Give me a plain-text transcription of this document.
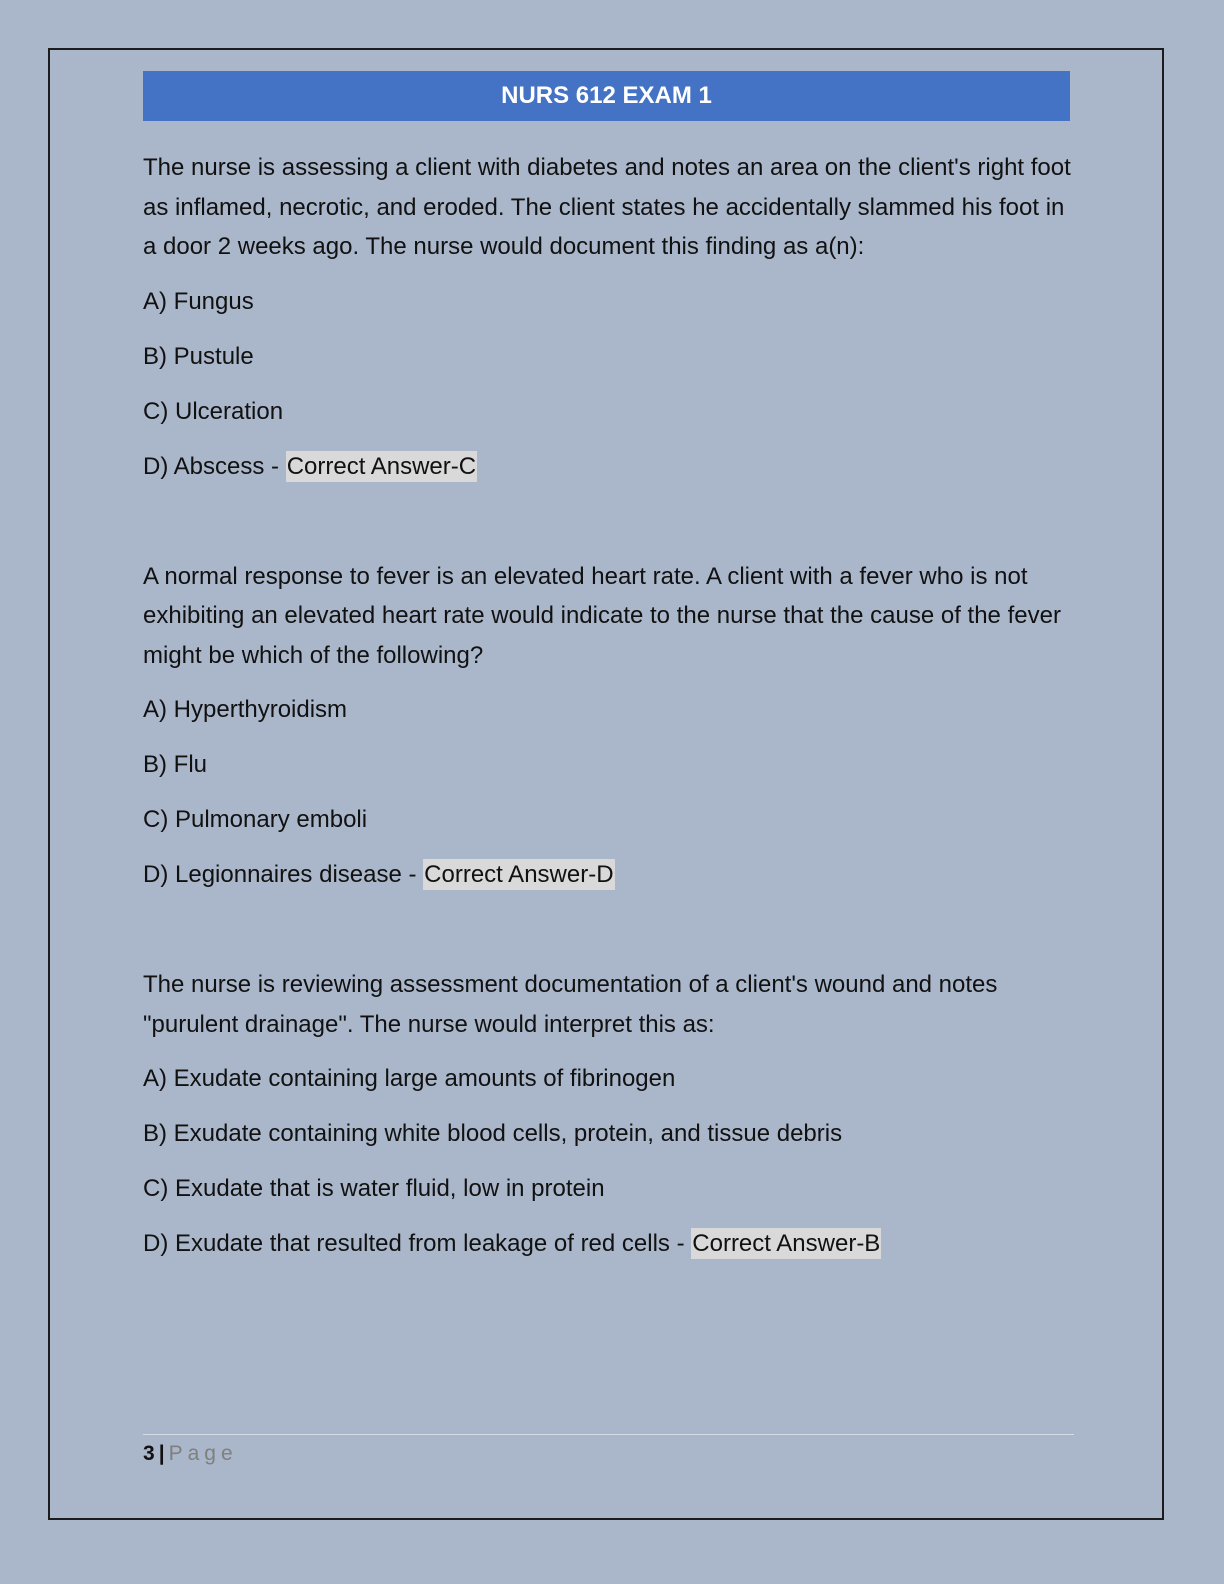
NURS 612 EXAM 1

The nurse is assessing a client with diabetes and notes an area on the client's right foot as inflamed, necrotic, and eroded. The client states he accidentally slammed his foot in a door 2 weeks ago. The nurse would document this finding as a(n):

A) Fungus

B) Pustule

C) Ulceration

D) Abscess - Correct Answer-C

A normal response to fever is an elevated heart rate. A client with a fever who is not exhibiting an elevated heart rate would indicate to the nurse that the cause of the fever might be which of the following?

A) Hyperthyroidism

B) Flu

C) Pulmonary emboli

D) Legionnaires disease - Correct Answer-D

The nurse is reviewing assessment documentation of a client's wound and notes "purulent drainage". The nurse would interpret this as:

A) Exudate containing large amounts of fibrinogen

B) Exudate containing white blood cells, protein, and tissue debris

C) Exudate that is water fluid, low in protein

D) Exudate that resulted from leakage of red cells - Correct Answer-B

3 | Page
